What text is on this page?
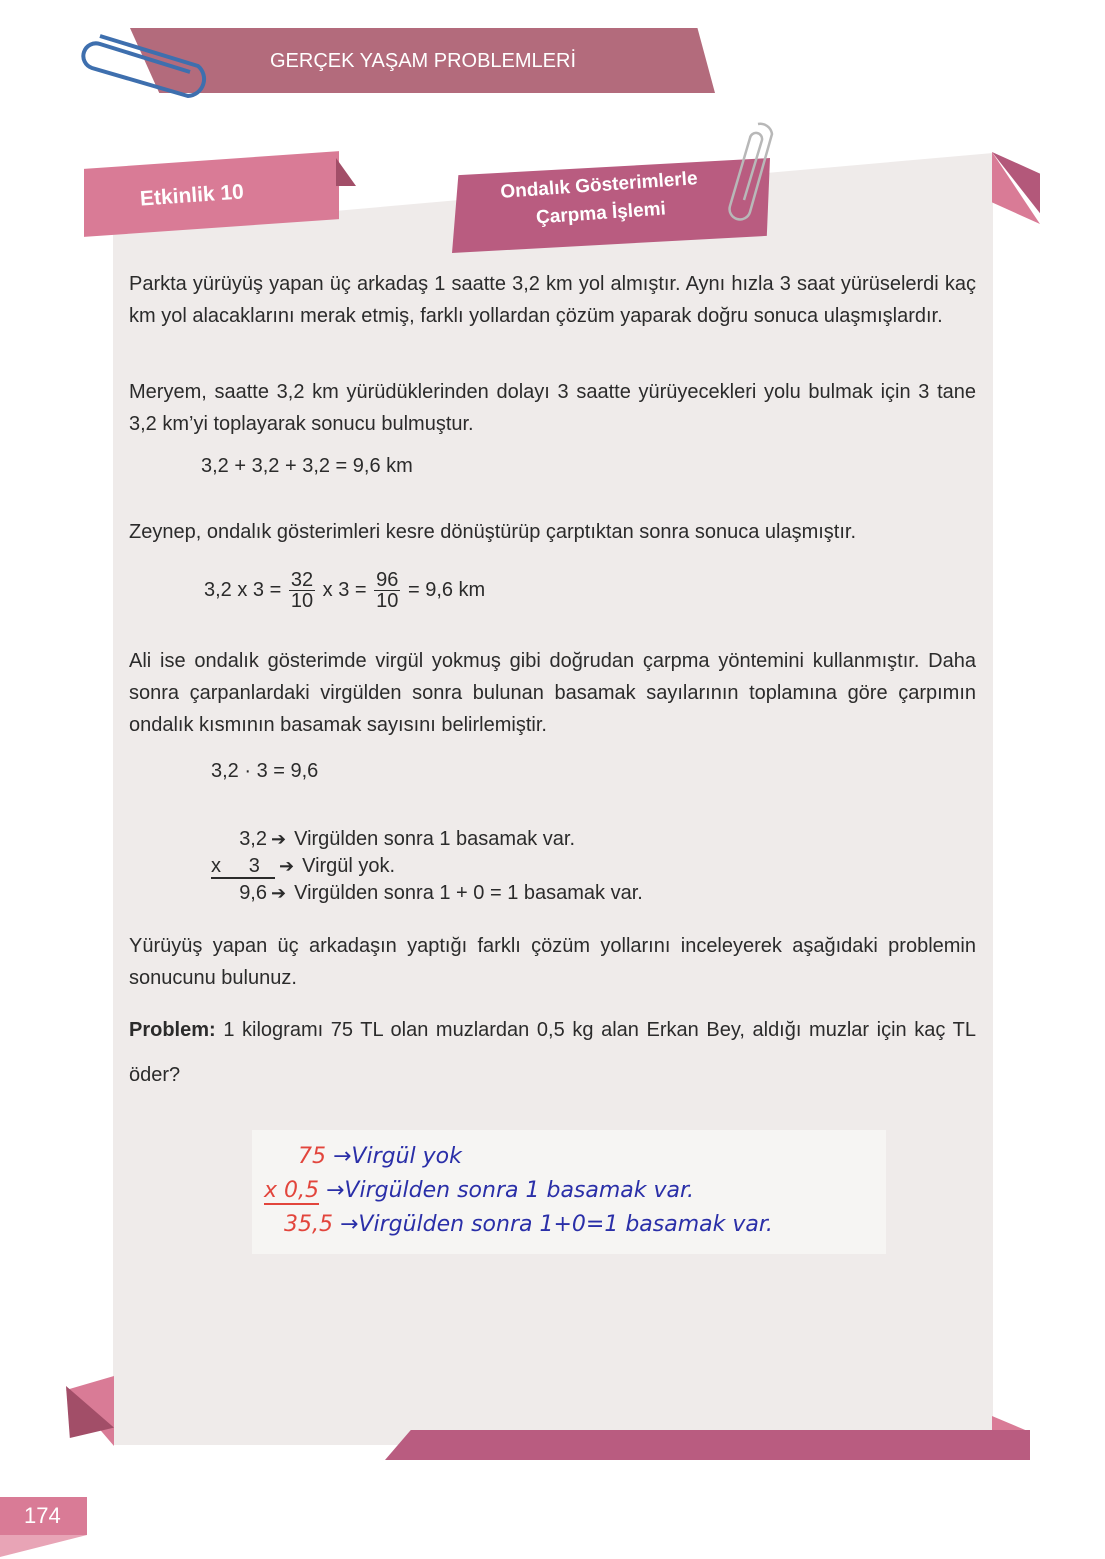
GERÇEK YAŞAM PROBLEMLERİ
Etkinlik 10	Ondalık Gösterimlerle
Çarpma İşlemi
Parkta yürüyüş yapan üç arkadaş 1 saatte 3,2 km yol almıştır. Aynı hızla 3 saat yürüselerdi kaç km yol alacaklarını merak etmiş, farklı yollardan çözüm yaparak doğru sonuca ulaşmışlardır.
Meryem, saatte 3,2 km yürüdüklerinden dolayı 3 saatte yürüyecekleri yolu bulmak için 3 tane 3,2 km’yi toplayarak sonucu bulmuştur.
3,2 + 3,2 + 3,2 = 9,6 km
Zeynep, ondalık gösterimleri kesre dönüştürüp çarptıktan sonra sonuca ulaşmıştır.
3,2 x $3 = \frac{32}{10}$ x $3 = \frac{96}{10} = 9,6$ km
Ali ise ondalık gösterimde virgül yokmuş gibi doğrudan çarpma yöntemini kullanmıştır. Daha sonra çarpanlardaki virgülden sonra bulunan basamak sayılarının toplamına göre çarpımın ondalık kısmının basamak sayısını belirlemiştir.
3,2 · 3 = 9,6
3,2 ➔ Virgülden sonra 1 basamak var.
x     3 ➔ Virgül yok.
9,6 ➔ Virgülden sonra 1 + 0 = 1 basamak var.
Yürüyüş yapan üç arkadaşın yaptığı farklı çözüm yollarını inceleyerek aşağıdaki problemin sonucunu bulunuz.
Problem: 1 kilogramı 75 TL olan muzlardan 0,5 kg alan Erkan Bey, aldığı muzlar için kaç TL öder?
75 →Virgül yok
x 0,5 →Virgülden sonra 1 basamak var.
35,5 →Virgülden sonra 1+0=1 basamak var.
174
